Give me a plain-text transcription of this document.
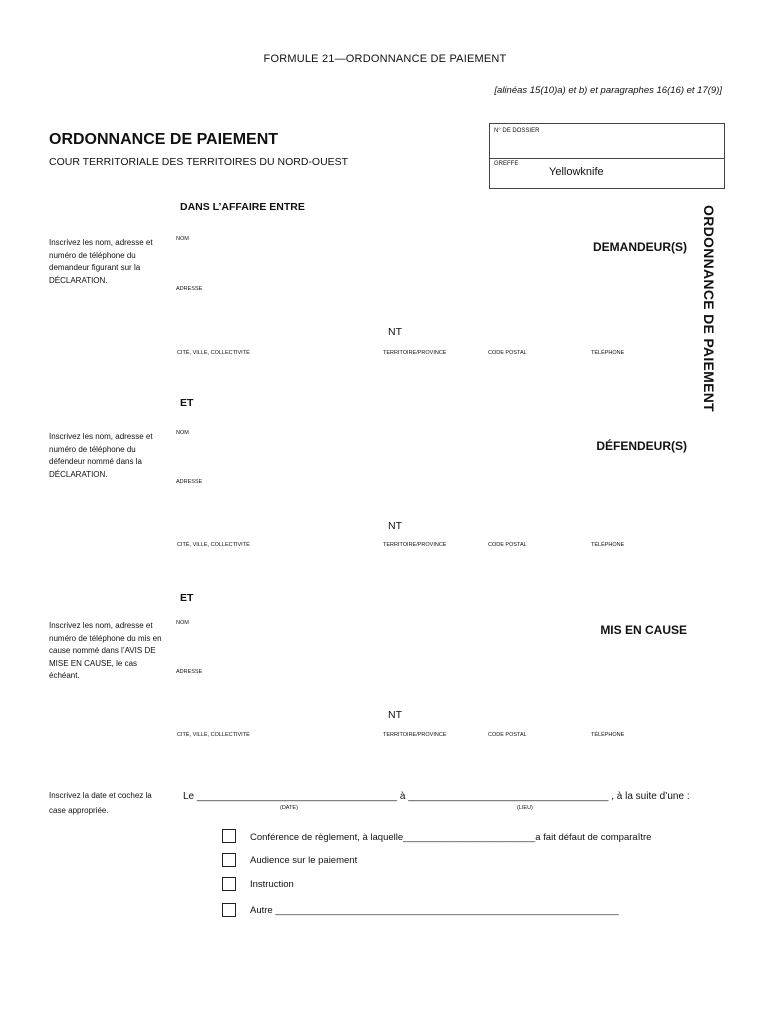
FORMULE 21—ORDONNANCE DE PAIEMENT
[alinéas 15(10)a) et b) et paragraphes 16(16) et 17(9)]
ORDONNANCE DE PAIEMENT
COUR TERRITORIALE DES TERRITOIRES DU NORD-OUEST
N° DE DOSSIER
GREFFE
Yellowknife
ORDONNANCE DE PAIEMENT
DANS L’AFFAIRE ENTRE
Inscrivez les nom, adresse et numéro de téléphone du demandeur figurant sur la DÉCLARATION.
NOM
DEMANDEUR(S)
ADRESSE
NT
CITÉ, VILLE, COLLECTIVITÉ	TERRITOIRE/PROVINCE	CODE POSTAL	TÉLÉPHONE
ET
Inscrivez les nom, adresse et numéro de téléphone du défendeur nommé dans la DÉCLARATION.
NOM
DÉFENDEUR(S)
ADRESSE
NT
CITÉ, VILLE, COLLECTIVITÉ	TERRITOIRE/PROVINCE	CODE POSTAL	TÉLÉPHONE
ET
Inscrivez les nom, adresse et numéro de téléphone du mis en cause nommé dans l’AVIS DE MISE EN CAUSE, le cas échéant.
NOM	MIS EN CAUSE
ADRESSE
NT
CITÉ, VILLE, COLLECTIVITÉ	TERRITOIRE/PROVINCE	CODE POSTAL	TÉLÉPHONE
Inscrivez la date et cochez la case appropriée.
Le ____________________________________ à ____________________________________ , à la suite d’une :
(DATE)	(LIEU)
Conférence de règlement, à laquelle_________________________a fait défaut de comparaître
Audience sur le paiement
Instruction
Autre _________________________________________________________________
